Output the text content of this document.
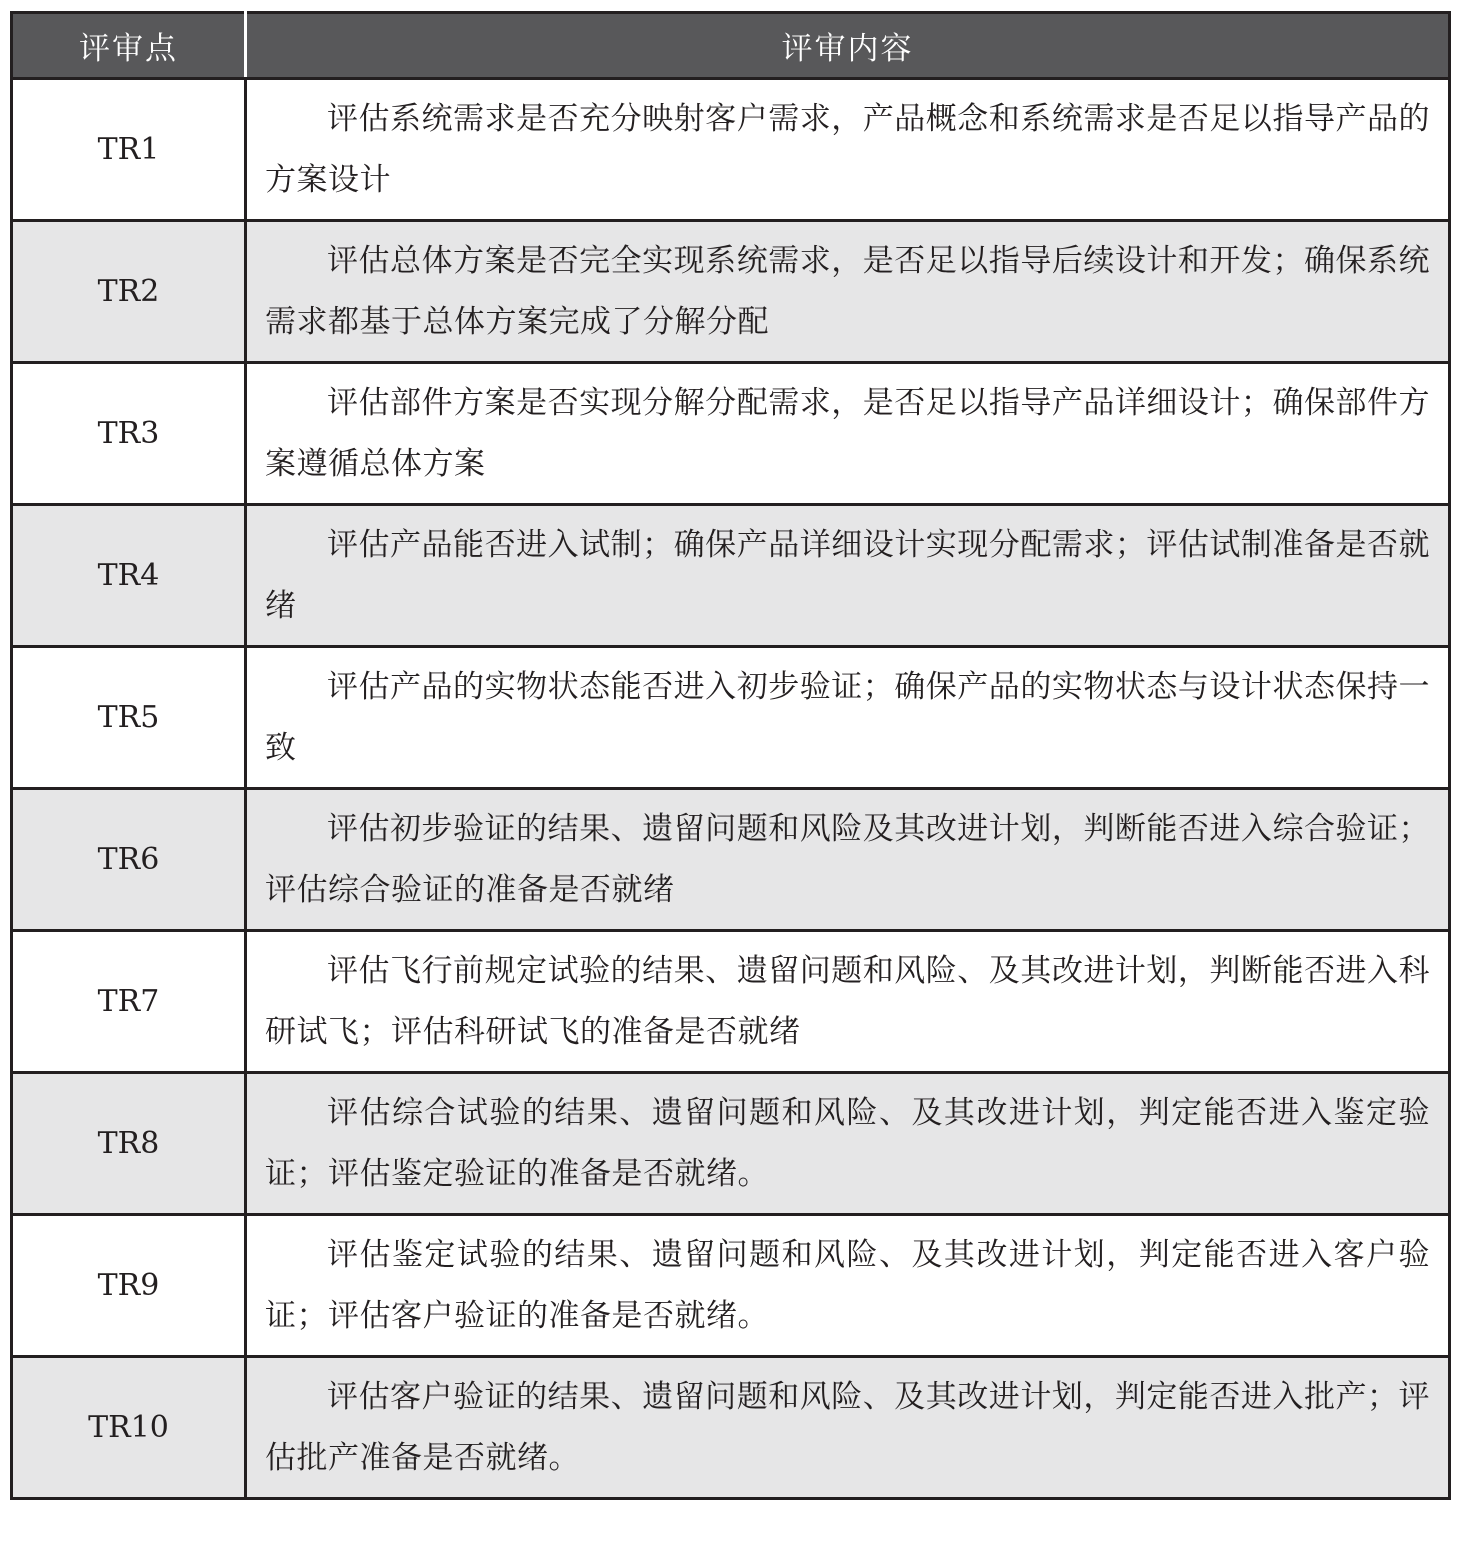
评审点	评审内容
TR1	评估系统需求是否充分映射客户需求，产品概念和系统需求是否足以指导产品的方案设计

TR2	评估总体方案是否完全实现系统需求，是否足以指导后续设计和开发；确保系统需求都基于总体方案完成了分解分配

TR3	评估部件方案是否实现分解分配需求，是否足以指导产品详细设计；确保部件方案遵循总体方案

TR4	评估产品能否进入试制；确保产品详细设计实现分配需求；评估试制准备是否就绪

TR5	评估产品的实物状态能否进入初步验证；确保产品的实物状态与设计状态保持一致

TR6	评估初步验证的结果、遗留问题和风险及其改进计划，判断能否进入综合验证；评估综合验证的准备是否就绪

TR7	评估飞行前规定试验的结果、遗留问题和风险、及其改进计划，判断能否进入科研试飞；评估科研试飞的准备是否就绪

TR8	评估综合试验的结果、遗留问题和风险、及其改进计划，判定能否进入鉴定验证；评估鉴定验证的准备是否就绪。

TR9	评估鉴定试验的结果、遗留问题和风险、及其改进计划，判定能否进入客户验证；评估客户验证的准备是否就绪。

TR10	评估客户验证的结果、遗留问题和风险、及其改进计划，判定能否进入批产；评估批产准备是否就绪。
